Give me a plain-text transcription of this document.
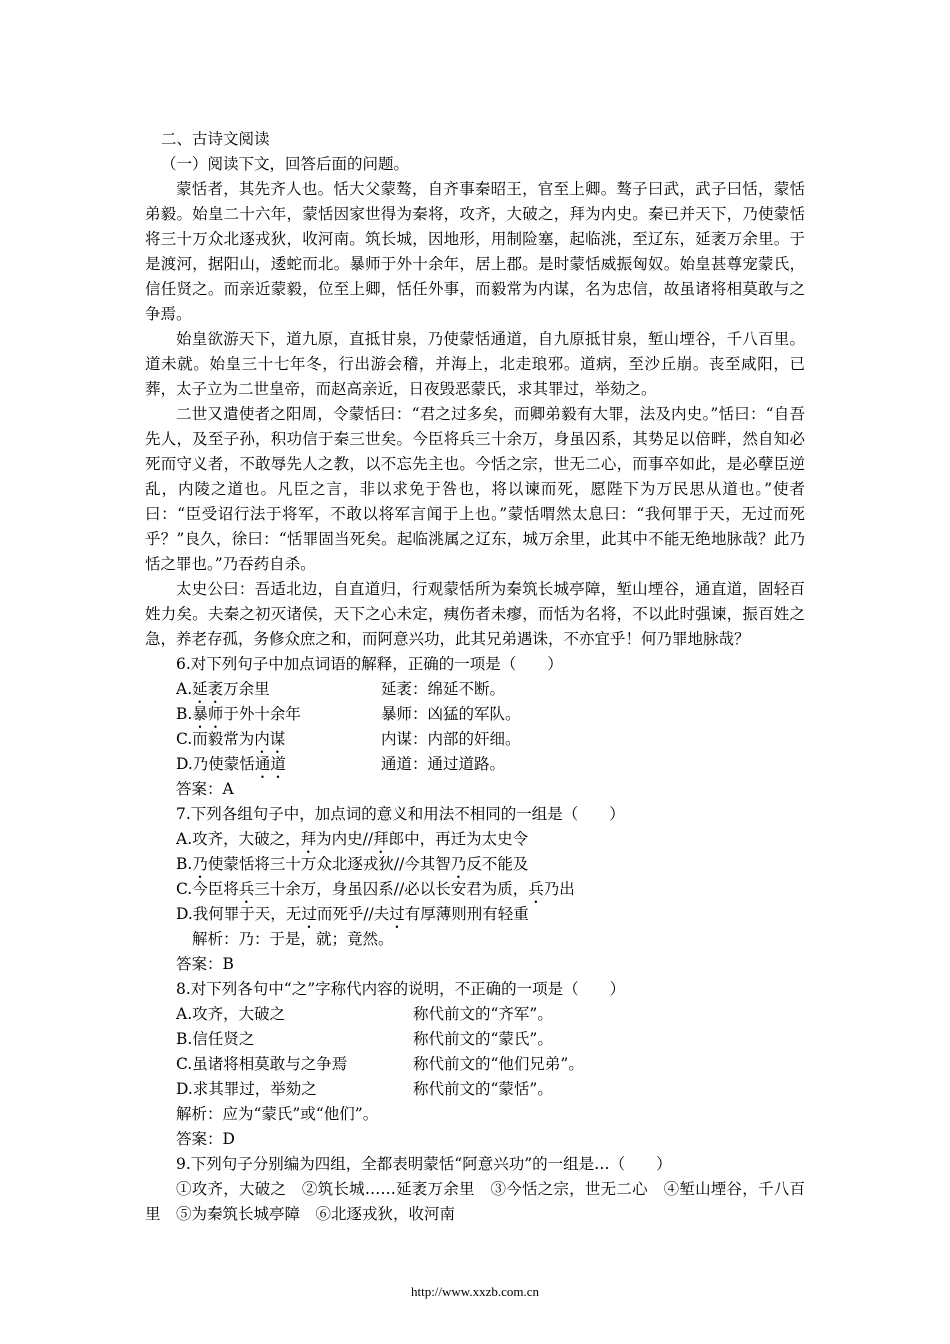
二、古诗文阅读
（一）阅读下文，回答后面的问题。
蒙恬者，其先齐人也。恬大父蒙骜，自齐事秦昭王，官至上卿。骜子曰武，武子曰恬，蒙恬弟毅。始皇二十六年，蒙恬因家世得为秦将，攻齐，大破之，拜为内史。秦已并天下，乃使蒙恬将三十万众北逐戎狄，收河南。筑长城，因地形，用制险塞，起临洮，至辽东，延袤万余里。于是渡河，据阳山，逶蛇而北。暴师于外十余年，居上郡。是时蒙恬威振匈奴。始皇甚尊宠蒙氏，信任贤之。而亲近蒙毅，位至上卿，恬任外事，而毅常为内谋，名为忠信，故虽诸将相莫敢与之争焉。
始皇欲游天下，道九原，直抵甘泉，乃使蒙恬通道，自九原抵甘泉，堑山堙谷，千八百里。道未就。始皇三十七年冬，行出游会稽，并海上，北走琅邪。道病，至沙丘崩。丧至咸阳，已葬，太子立为二世皇帝，而赵高亲近，日夜毁恶蒙氏，求其罪过，举劾之。
二世又遣使者之阳周，令蒙恬曰：“君之过多矣，而卿弟毅有大罪，法及内史。”恬曰：“自吾先人，及至子孙，积功信于秦三世矣。今臣将兵三十余万，身虽囚系，其势足以倍畔，然自知必死而守义者，不敢辱先人之教，以不忘先主也。今恬之宗，世无二心，而事卒如此，是必孽臣逆乱，内陵之道也。凡臣之言，非以求免于咎也，将以谏而死，愿陛下为万民思从道也。”使者曰：“臣受诏行法于将军，不敢以将军言闻于上也。”蒙恬喟然太息曰：“我何罪于天，无过而死乎？”良久，徐曰：“恬罪固当死矣。起临洮属之辽东，城万余里，此其中不能无绝地脉哉？此乃恬之罪也。”乃吞药自杀。
太史公曰：吾适北边，自直道归，行观蒙恬所为秦筑长城亭障，堑山堙谷，通直道，固轻百姓力矣。夫秦之初灭诸侯，天下之心未定，痍伤者未瘳，而恬为名将，不以此时强谏，振百姓之急，养老存孤，务修众庶之和，而阿意兴功，此其兄弟遇诛，不亦宜乎！何乃罪地脉哉？
6.对下列句子中加点词语的解释，正确的一项是（　　）
A.延袤万余里	延袤：绵延不断。
B.暴师于外十余年	暴师：凶猛的军队。
C.而毅常为内谋	内谋：内部的奸细。
D.乃使蒙恬通道	通道：通过道路。
答案：A
7.下列各组句子中，加点词的意义和用法不相同的一组是（　　）
A.攻齐，大破之，拜为内史//拜郎中，再迁为太史令
B.乃使蒙恬将三十万众北逐戎狄//今其智乃反不能及
C.今臣将兵三十余万，身虽囚系//必以长安君为质，兵乃出
D.我何罪于天，无过而死乎//夫过有厚薄则刑有轻重
解析：乃：于是，就；竟然。
答案：B
8.对下列各句中“之”字称代内容的说明，不正确的一项是（　　）
A.攻齐，大破之	称代前文的“齐军”。
B.信任贤之	称代前文的“蒙氏”。
C.虽诸将相莫敢与之争焉	称代前文的“他们兄弟”。
D.求其罪过，举劾之	称代前文的“蒙恬”。
解析：应为“蒙氏”或“他们”。
答案：D
9.下列句子分别编为四组，全都表明蒙恬“阿意兴功”的一组是…（　　）
①攻齐，大破之　②筑长城……延袤万余里　③今恬之宗，世无二心　④堑山堙谷，千八百里　⑤为秦筑长城亭障　⑥北逐戎狄，收河南
http://www.xxzb.com.cn
